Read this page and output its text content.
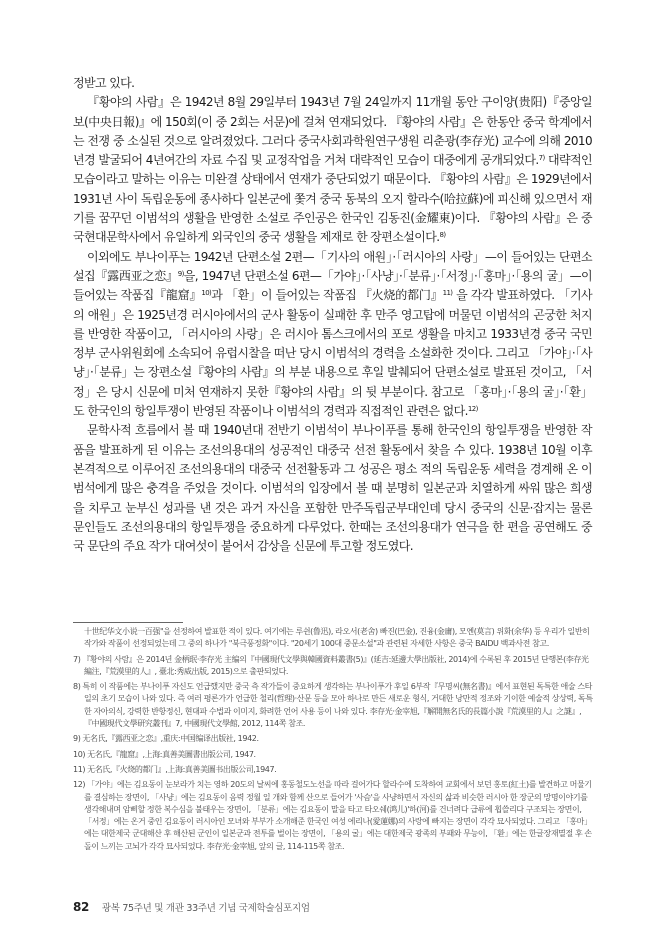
정받고 있다.

『황야의 사람』은 1942년 8월 29일부터 1943년 7월 24일까지 11개월 동안 구이양(贵阳)『중앙일보(中央日報)』에 150회(이 중 2회는 서문)에 걸쳐 연재되었다. 『황야의 사람』은 한동안 중국 학계에서는 전쟁 중 소실된 것으로 알려졌었다. 그러다 중국사회과학원연구생원 리춘광(李存光) 교수에 의해 2010년경 발굴되어 4년여간의 자료 수집 및 교정작업을 거쳐 대략적인 모습이 대중에게 공개되었다.$^{7)}$ 대략적인 모습이라고 말하는 이유는 미완결 상태에서 연재가 중단되었기 때문이다. 『황야의 사람』은 1929년에서 1931년 사이 독립운동에 종사하다 일본군에 쫓겨 중국 동북의 오지 할라수(哈拉蘇)에 피신해 있으면서 재기를 꿈꾸던 이범석의 생활을 반영한 소설로 주인공은 한국인 김동진(金耀東)이다. 『황야의 사람』은 중국현대문학사에서 유일하게 외국인의 중국 생활을 제재로 한 장편소설이다.$^{8)}$

이외에도 부나이푸는 1942년 단편소설 2편—「기사의 애원」·「러시아의 사랑」—이 들어있는 단편소설집『露西亚之恋』$^{9)}$을, 1947년 단편소설 6편—「가야」·「사냥」·「분류」·「서정」·「홍마」·「용의 굴」—이 들어있는 작품집『龍窟』$^{10)}$과 「환」이 들어있는 작품집 『火烧的都门』$^{11)}$ 을 각각 발표하였다. 「기사의 애원」은 1925년경 러시아에서의 군사 활동이 실패한 후 만주 영고탑에 머물던 이범석의 곤궁한 처지를 반영한 작품이고, 「러시아의 사랑」은 러시아 톰스크에서의 포로 생활을 마치고 1933년경 중국 국민정부 군사위원회에 소속되어 유럽시찰을 떠난 당시 이범석의 경력을 소설화한 것이다. 그리고 「가야」·「사냥」·「분류」는 장편소설『황야의 사람』의 부분 내용으로 후일 발췌되어 단편소설로 발표된 것이고, 「서정」은 당시 신문에 미처 연재하지 못한『황야의 사람』의 뒷 부분이다. 참고로 「홍마」·「용의 굴」·「환」도 한국인의 항일투쟁이 반영된 작품이나 이범석의 경력과 직접적인 관련은 없다.$^{12)}$

문학사적 흐름에서 볼 때 1940년대 전반기 이범석이 부나이푸를 통해 한국인의 항일투쟁을 반영한 작품을 발표하게 된 이유는 조선의용대의 성공적인 대중국 선전 활동에서 찾을 수 있다. 1938년 10월 이후 본격적으로 이루어진 조선의용대의 대중국 선전활동과 그 성공은 평소 적의 독립운동 세력을 경계해 온 이범석에게 많은 충격을 주었을 것이다. 이범석의 입장에서 볼 때 분명히 일본군과 치열하게 싸워 많은 희생을 치루고 눈부신 성과를 낸 것은 과거 자신을 포함한 만주독립군부대인데 당시 중국의 신문·잡지는 물론 문인들도 조선의용대의 항일투쟁을 중요하게 다루었다. 한때는 조선의용대가 연극을 한 편을 공연해도 중국 문단의 주요 작가 대여섯이 붙어서 감상을 신문에 투고할 정도였다.

十世纪华文小说一百强"을 선정하여 발표한 적이 있다. 여기에는 루쉰(鲁迅), 라오서(老舍) 빠진(巴金), 진융(金庸), 모옌(莫言) 위화(余华) 등 우리가 일반히 작가와 작품이 선정되었는데 그 중의 하나가 "북극풍정화"이다. "20세기 100대 중문소설"과 관련된 자세한 사항은 중국 BAIDU 백과사전 참고.
7) 『황야의 사람』은 2014년 金柄珉·李存光 主编의『中國現代文學與韓國資料叢書(5)』(延吉:延邊大學出版社, 2014)에 수록된 후 2015년 단행본(李存光 編注,『荒漠里的人』, 臺北:秀威出版, 2015)으로 출판되었다.
8) 특히 이 작품에는 부나이푸 자신도 언급했지만 중국 측 작가들이 중요하게 생각하는 부나이푸가 후일 6부작『무명씨(無名書)』에서 표현된 독특한 애술 스타일의 초기 모습이 나와 있다. 즉 여러 평론가가 언급한 철리(哲理)·산문 등을 모아 하나로 만든 새로운 형식, 거대한 낭만적 정조와 기이한 예술적 상상력, 독특한 자아의식, 강력한 반항정신, 현대파 수법과 이미지, 화려한 언어 사용 등이 나와 있다. 李存光·金宰旭,『解開無名氏的長篇小說『荒漠里的人』之謎』,『中國現代文學研究叢刊』7, 中國現代文學館, 2012, 114쪽 참조.
9) 无名氏,『露西亚之恋』,重庆:中国编译出版社, 1942.
10) 无名氏,『龍窟』,上海:真善美圖書出版公司, 1947.
11) 无名氏,『火烧的都门』,上海:真善美圖书出版公司,1947.
12) 「가야」에는 김요동이 눈보라가 치는 영하 20도의 날씨에 홍동철도노선을 따라 걸어가다 할라수에 도착하여 교회에서 보던 홍토(紅土)를 발견하고 머물기를 결심하는 장면이, 「사냥」에는 김요동이 음력 정월 일 개와 함께 산으로 들어가 '사슴'을 사냥하면서 자신의 삶과 비슷한 러시아 한 장군의 망명이야기를 생각해내며 암삐할 정한 복수심을 불태우는 장면이, 「분류」에는 김요동이 말을 타고 타오쉐(鸿儿)'하(河)를 건너려다 급류에 휩쓸리다 구조되는 장면이, 「서정」에는 온거 중인 김요동이 러시아인 모녀와 부부가 소개해준 한국인 여성 에리나(愛蓮娜)의 사랑에 빠지는 장면이 각각 묘사되었다. 그리고 「홍마」에는 대한제국 군대해산 후 해산된 군인이 일본군과 전투를 벌이는 장면이, 「용의 굴」에는 대한제국 광족의 부패와 무능이, 「환」에는 한글장재멸절 후 손돌이 느끼는 고뇌가 각각 묘사되었다. 李存光·金宰旭, 앞의 글, 114-115쪽 참조.
82 광복 75주년 및 개관 33주년 기념 국제학술심포지엄
